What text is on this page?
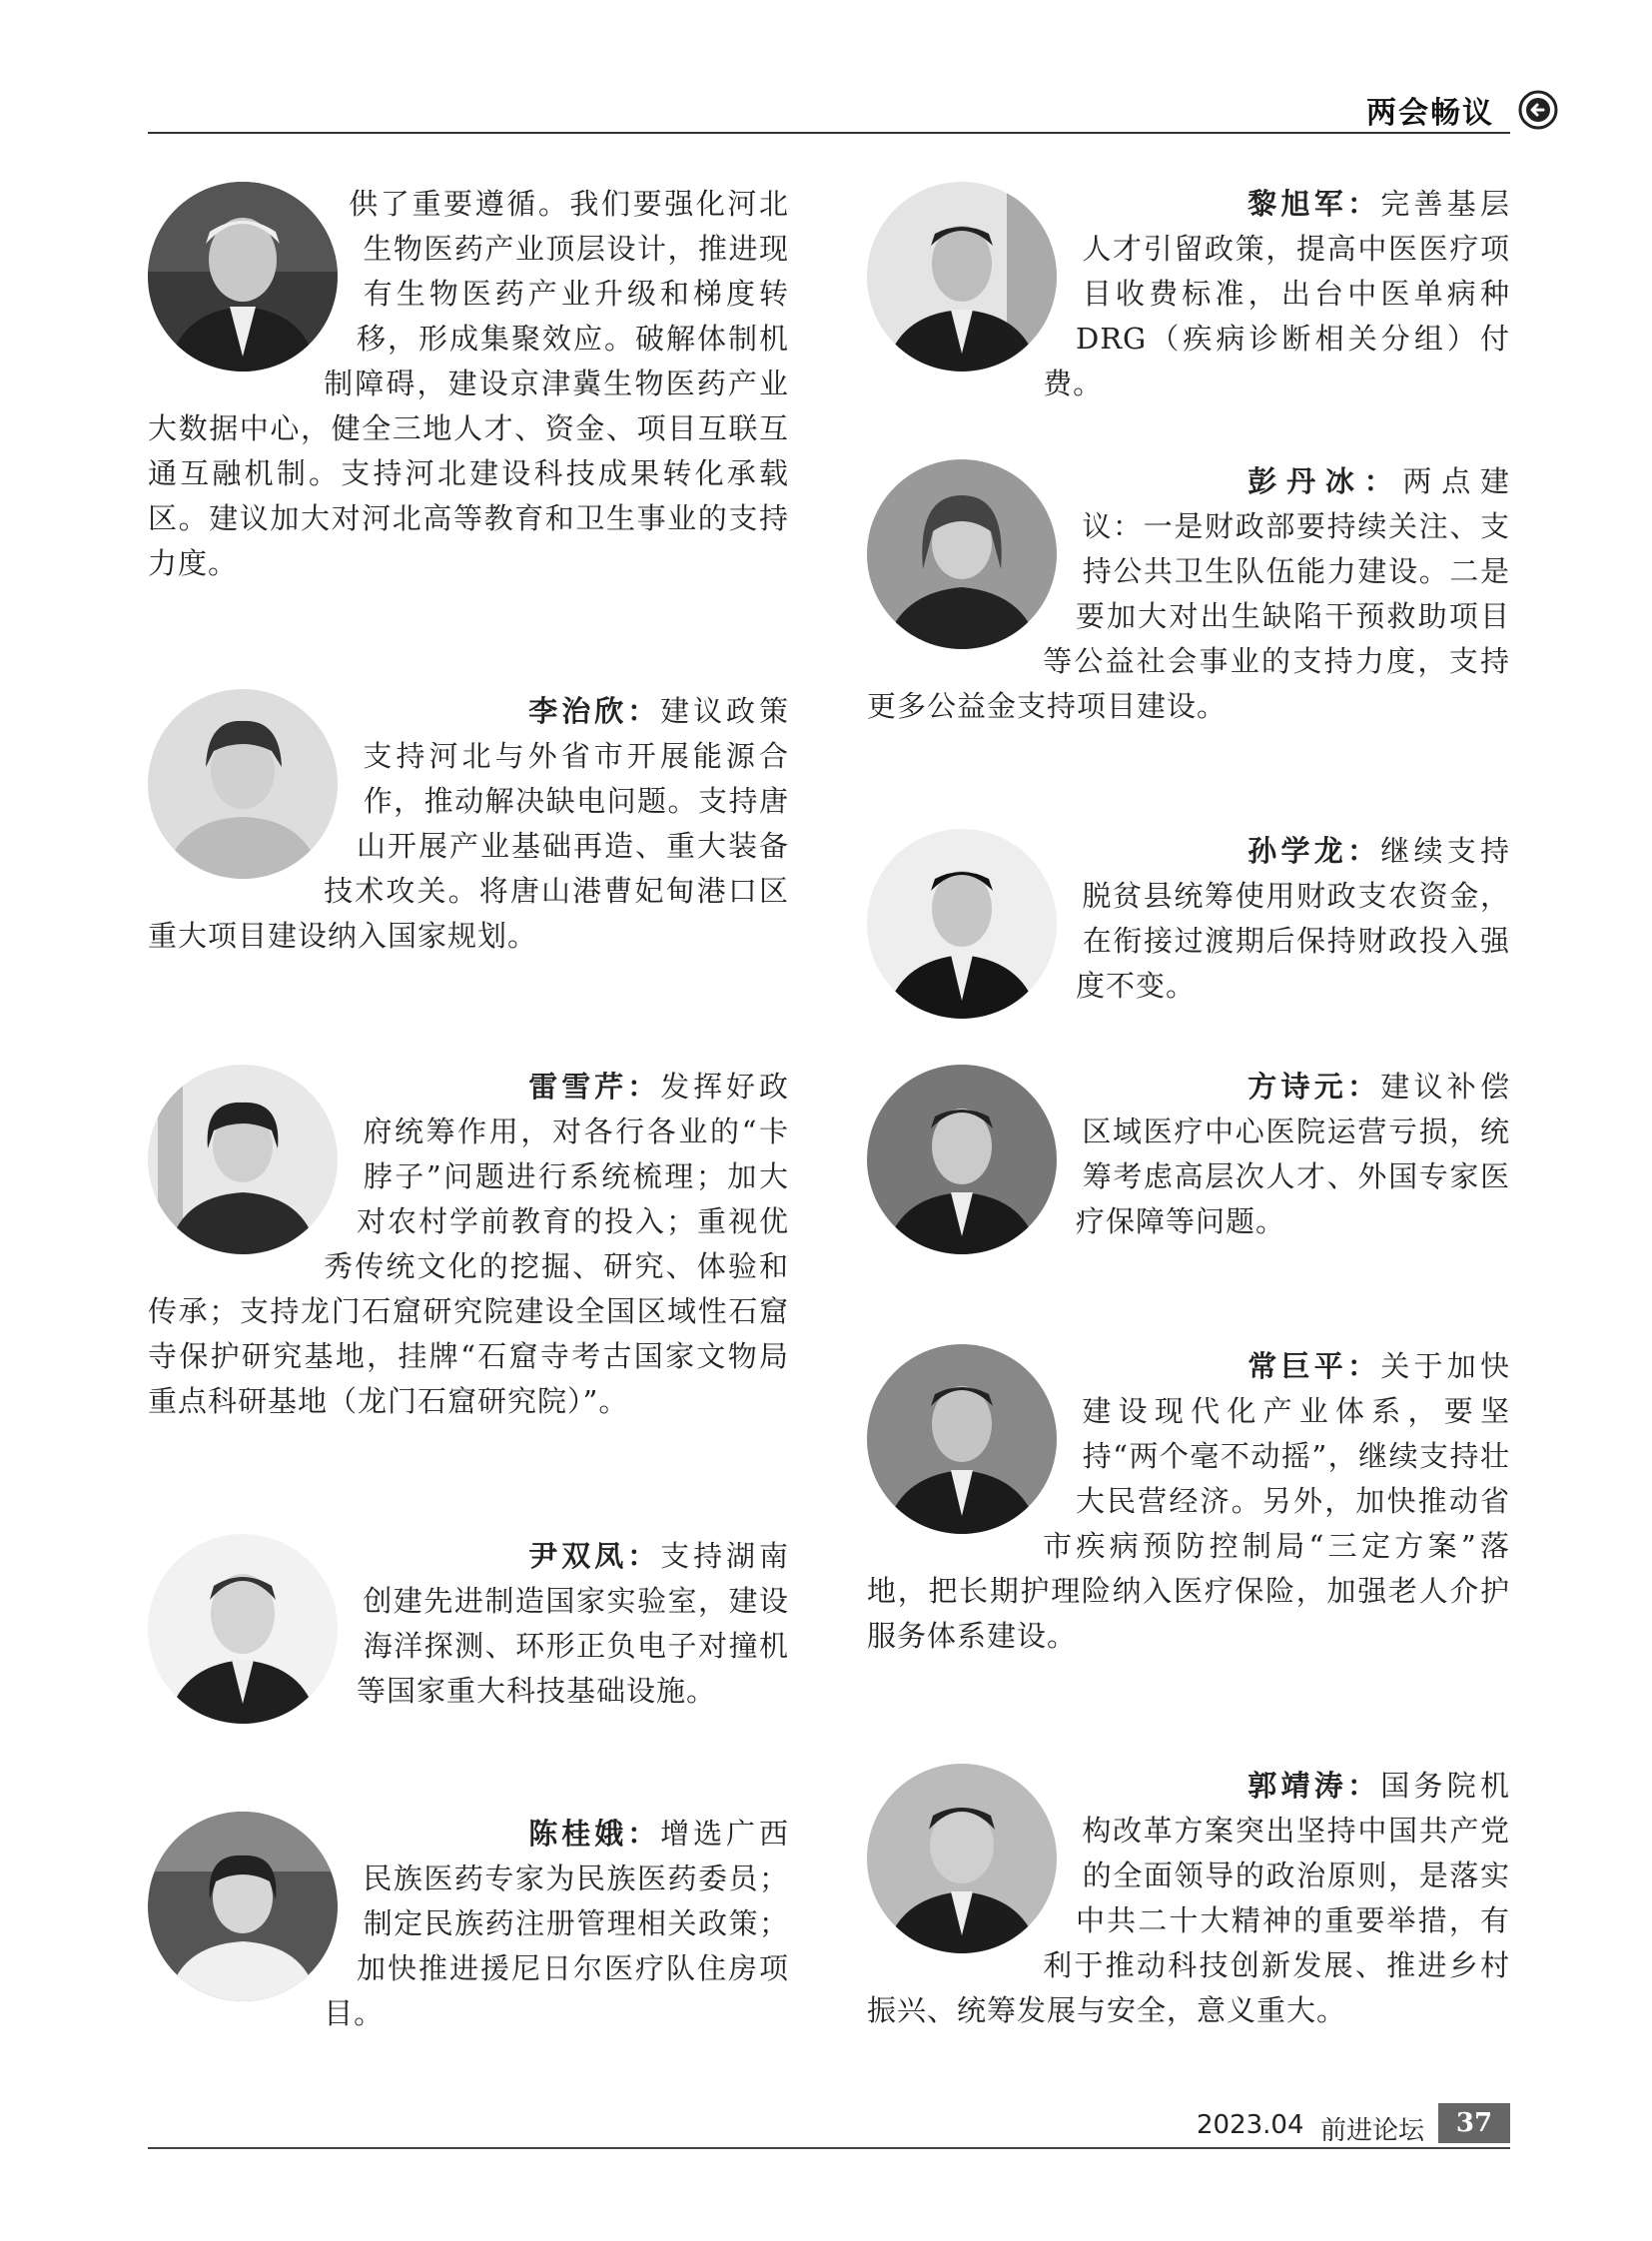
两会畅议
供了重要遵循。我们要强化河北生物医药产业顶层设计，推进现有生物医药产业升级和梯度转移，形成集聚效应。破解体制机制障碍，建设京津冀生物医药产业大数据中心，健全三地人才、资金、项目互联互通互融机制。支持河北建设科技成果转化承载区。建议加大对河北高等教育和卫生事业的支持力度。
李治欣：建议政策支持河北与外省市开展能源合作，推动解决缺电问题。支持唐山开展产业基础再造、重大装备技术攻关。将唐山港曹妃甸港口区重大项目建设纳入国家规划。
雷雪芹：发挥好政府统筹作用，对各行各业的“卡脖子”问题进行系统梳理；加大对农村学前教育的投入；重视优秀传统文化的挖掘、研究、体验和传承；支持龙门石窟研究院建设全国区域性石窟寺保护研究基地，挂牌“石窟寺考古国家文物局重点科研基地（龙门石窟研究院）”。
尹双凤：支持湖南创建先进制造国家实验室，建设海洋探测、环形正负电子对撞机等国家重大科技基础设施。
陈桂娥：增选广西民族医药专家为民族医药委员；制定民族药注册管理相关政策；加快推进援尼日尔医疗队住房项目。
黎旭军：完善基层人才引留政策，提高中医医疗项目收费标准，出台中医单病种 DRG（疾病诊断相关分组）付费。
彭丹冰：两点建议：一是财政部要持续关注、支持公共卫生队伍能力建设。二是要加大对出生缺陷干预救助项目等公益社会事业的支持力度，支持更多公益金支持项目建设。
孙学龙：继续支持脱贫县统筹使用财政支农资金，在衔接过渡期后保持财政投入强度不变。
方诗元：建议补偿区域医疗中心医院运营亏损，统筹考虑高层次人才、外国专家医疗保障等问题。
常巨平：关于加快建设现代化产业体系，要坚持“两个毫不动摇”，继续支持壮大民营经济。另外，加快推动省市疾病预防控制局“三定方案”落地，把长期护理险纳入医疗保险，加强老人介护服务体系建设。
郭靖涛：国务院机构改革方案突出坚持中国共产党的全面领导的政治原则，是落实中共二十大精神的重要举措，有利于推动科技创新发展、推进乡村振兴、统筹发展与安全，意义重大。
2023.04 前进论坛	37
